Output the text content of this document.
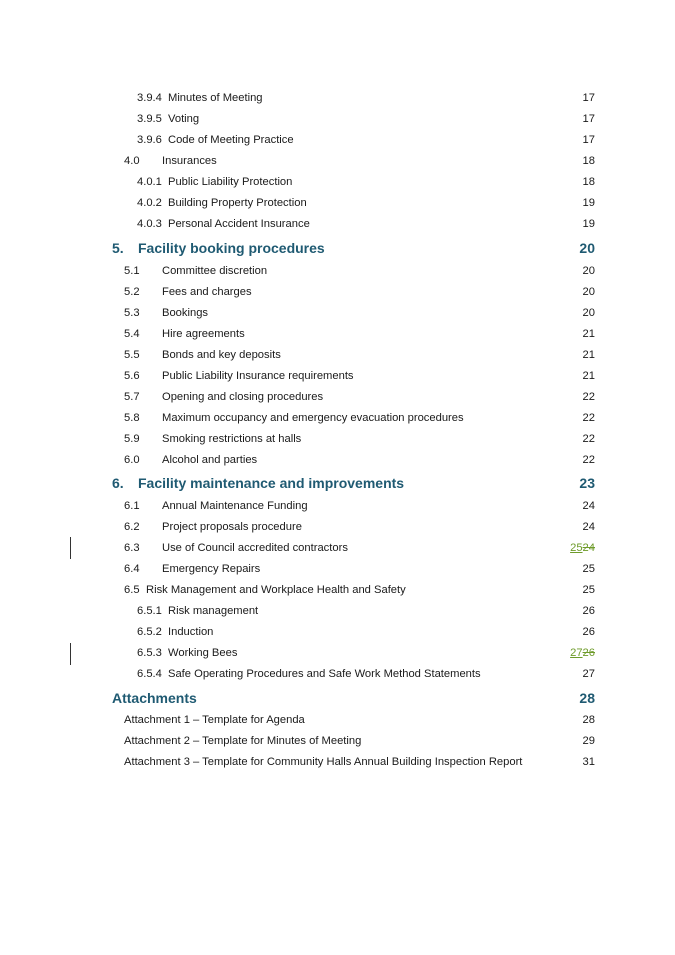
3.9.4 Minutes of Meeting	17
3.9.5 Voting	17
3.9.6 Code of Meeting Practice	17
4.0 Insurances	18
4.0.1 Public Liability Protection	18
4.0.2 Building Property Protection	19
4.0.3 Personal Accident Insurance	19
5. Facility booking procedures	20
5.1 Committee discretion	20
5.2 Fees and charges	20
5.3 Bookings	20
5.4 Hire agreements	21
5.5 Bonds and key deposits	21
5.6 Public Liability Insurance requirements	21
5.7 Opening and closing procedures	22
5.8 Maximum occupancy and emergency evacuation procedures	22
5.9 Smoking restrictions at halls	22
6.0 Alcohol and parties	22
6. Facility maintenance and improvements	23
6.1 Annual Maintenance Funding	24
6.2 Project proposals procedure	24
6.3 Use of Council accredited contractors	2524
6.4 Emergency Repairs	25
6.5 Risk Management and Workplace Health and Safety	25
6.5.1 Risk management	26
6.5.2 Induction	26
6.5.3 Working Bees	2726
6.5.4 Safe Operating Procedures and Safe Work Method Statements	27
Attachments	28
Attachment 1 – Template for Agenda	28
Attachment 2 – Template for Minutes of Meeting	29
Attachment 3 – Template for Community Halls Annual Building Inspection Report	31
